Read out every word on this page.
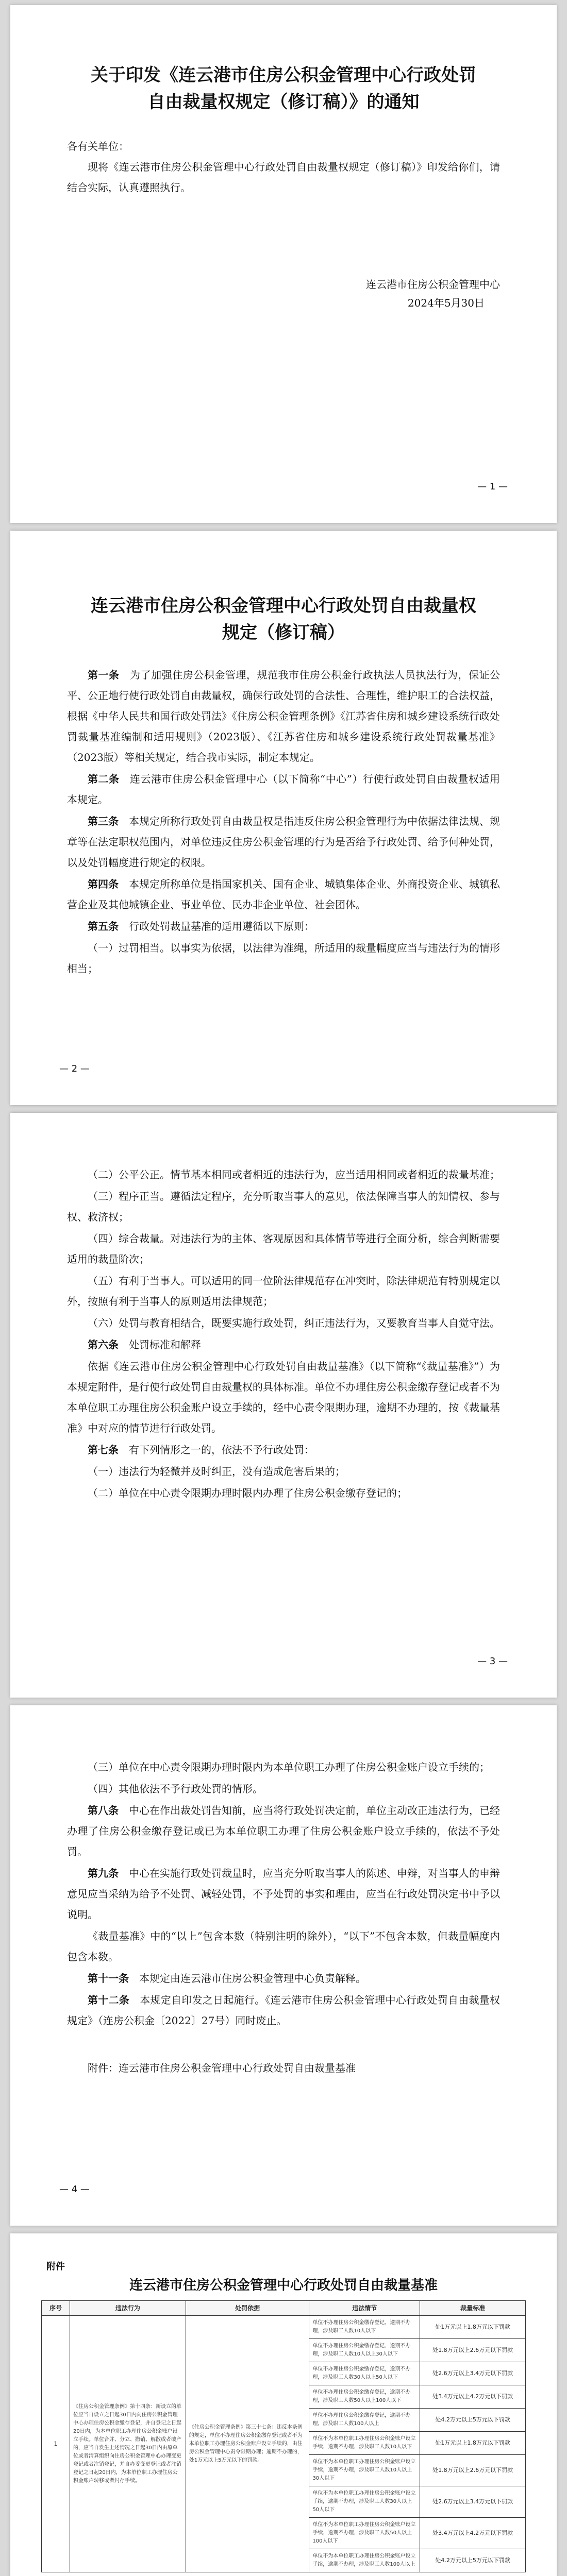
关于印发《连云港市住房公积金管理中心行政处罚自由裁量权规定（修订稿）》的通知

各有关单位：

现将《连云港市住房公积金管理中心行政处罚自由裁量权规定（修订稿）》印发给你们，请结合实际，认真遵照执行。

连云港市住房公积金管理中心

2024年5月30日

— 1 —
连云港市住房公积金管理中心行政处罚自由裁量权规定（修订稿）

第一条　 为了加强住房公积金管理，规范我市住房公积金行政执法人员执法行为，保证公平、公正地行使行政处罚自由裁量权，确保行政处罚的合法性、合理性，维护职工的合法权益，根据《中华人民共和国行政处罚法》《住房公积金管理条例》《江苏省住房和城乡建设系统行政处罚裁量基准编制和适用规则》（2023版）、《江苏省住房和城乡建设系统行政处罚裁量基准》（2023版）等相关规定，结合我市实际，制定本规定。

第二条　 连云港市住房公积金管理中心（以下简称“中心”）行使行政处罚自由裁量权适用本规定。

第三条　 本规定所称行政处罚自由裁量权是指违反住房公积金管理行为中依据法律法规、规章等在法定职权范围内，对单位违反住房公积金管理的行为是否给予行政处罚、给予何种处罚，以及处罚幅度进行规定的权限。

第四条　 本规定所称单位是指国家机关、国有企业、城镇集体企业、外商投资企业、城镇私营企业及其他城镇企业、事业单位、民办非企业单位、社会团体。

第五条　 行政处罚裁量基准的适用遵循以下原则：

（一）过罚相当。以事实为依据，以法律为准绳，所适用的裁量幅度应当与违法行为的情形相当；

— 2 —

（二）公平公正。情节基本相同或者相近的违法行为，应当适用相同或者相近的裁量基准；

（三）程序正当。遵循法定程序，充分听取当事人的意见，依法保障当事人的知情权、参与权、救济权；

（四）综合裁量。对违法行为的主体、客观原因和具体情节等进行全面分析，综合判断需要适用的裁量阶次；

（五）有利于当事人。可以适用的同一位阶法律规范存在冲突时，除法律规范有特别规定以外，按照有利于当事人的原则适用法律规范；

（六）处罚与教育相结合，既要实施行政处罚，纠正违法行为，又要教育当事人自觉守法。

第六条　 处罚标准和解释

依据《连云港市住房公积金管理中心行政处罚自由裁量基准》（以下简称“《裁量基准》”）为本规定附件，是行使行政处罚自由裁量权的具体标准。单位不办理住房公积金缴存登记或者不为本单位职工办理住房公积金账户设立手续的，经中心责令限期办理，逾期不办理的，按《裁量基准》中对应的情节进行行政处罚。

第七条　 有下列情形之一的，依法不予行政处罚：

（一）违法行为轻微并及时纠正，没有造成危害后果的；

（二）单位在中心责令限期办理时限内办理了住房公积金缴存登记的；

— 3 —

（三）单位在中心责令限期办理时限内为本单位职工办理了住房公积金账户设立手续的；

（四）其他依法不予行政处罚的情形。

第八条　 中心在作出裁处罚告知前，应当将行政处罚决定前，单位主动改正违法行为，已经办理了住房公积金缴存登记或已为本单位职工办理了住房公积金账户设立手续的，依法不予处罚。

第九条　 中心在实施行政处罚裁量时，应当充分听取当事人的陈述、申辩，对当事人的申辩意见应当采纳为给予不处罚、减轻处罚，不予处罚的事实和理由，应当在行政处罚决定书中予以说明。

《裁量基准》中的“以上”包含本数（特别注明的除外），“以下”不包含本数，但裁量幅度内包含本数。

第十一条　 本规定由连云港市住房公积金管理中心负责解释。

第十二条　 本规定自印发之日起施行。《连云港市住房公积金管理中心行政处罚自由裁量权规定》（连房公积金〔2022〕27号）同时废止。

附件：连云港市住房公积金管理中心行政处罚自由裁量基准

— 4 —
附件
连云港市住房公积金管理中心行政处罚自由裁量基准
序号	违法行为	处罚依据	违法情节	裁量标准
1	《住房公积金管理条例》第十四条：新设立的单位应当自设立之日起30日内向住房公积金管理中心办理住房公积金缴存登记，并自登记之日起20日内，为本单位职工办理住房公积金账户设立手续。单位合并、分立、撤销、解散或者破产的，应当自发生上述情况之日起30日内由原单位或者清算组织向住房公积金管理中心办理变更登记或者注销登记，并自办妥变更登记或者注销登记之日起20日内，为本单位职工办理住房公积金账户转移或者封存手续。	《住房公积金管理条例》第三十七条：违反本条例的规定，单位不办理住房公积金缴存登记或者不为本单位职工办理住房公积金账户设立手续的，由住房公积金管理中心责令限期办理；逾期不办理的，处1万元以上5万元以下的罚款。	单位不办理住房公积金缴存登记，逾期不办理，涉及职工人数10人以下	处1万元以上1.8万元以下罚款
			单位不办理住房公积金缴存登记，逾期不办理，涉及职工人数10人以上30人以下	处1.8万元以上2.6万元以下罚款
			单位不办理住房公积金缴存登记，逾期不办理，涉及职工人数30人以上50人以下	处2.6万元以上3.4万元以下罚款
			单位不办理住房公积金缴存登记，逾期不办理，涉及职工人数50人以上100人以下	处3.4万元以上4.2万元以下罚款
			单位不办理住房公积金缴存登记，逾期不办理，涉及职工人数100人以上	处4.2万元以上5万元以下罚款
			单位不为本单位职工办理住房公积金账户设立手续，逾期不办理，涉及职工人数10人以下	处1万元以上1.8万元以下罚款
			单位不为本单位职工办理住房公积金账户设立手续，逾期不办理，涉及职工人数10人以上30人以下	处1.8万元以上2.6万元以下罚款
			单位不为本单位职工办理住房公积金账户设立手续，逾期不办理，涉及职工人数30人以上50人以下	处2.6万元以上3.4万元以下罚款
			单位不为本单位职工办理住房公积金账户设立手续，逾期不办理，涉及职工人数50人以上100人以下	处3.4万元以上4.2万元以下罚款
			单位不为本单位职工办理住房公积金账户设立手续，逾期不办理，涉及职工人数100人以上	处4.2万元以上5万元以下罚款
